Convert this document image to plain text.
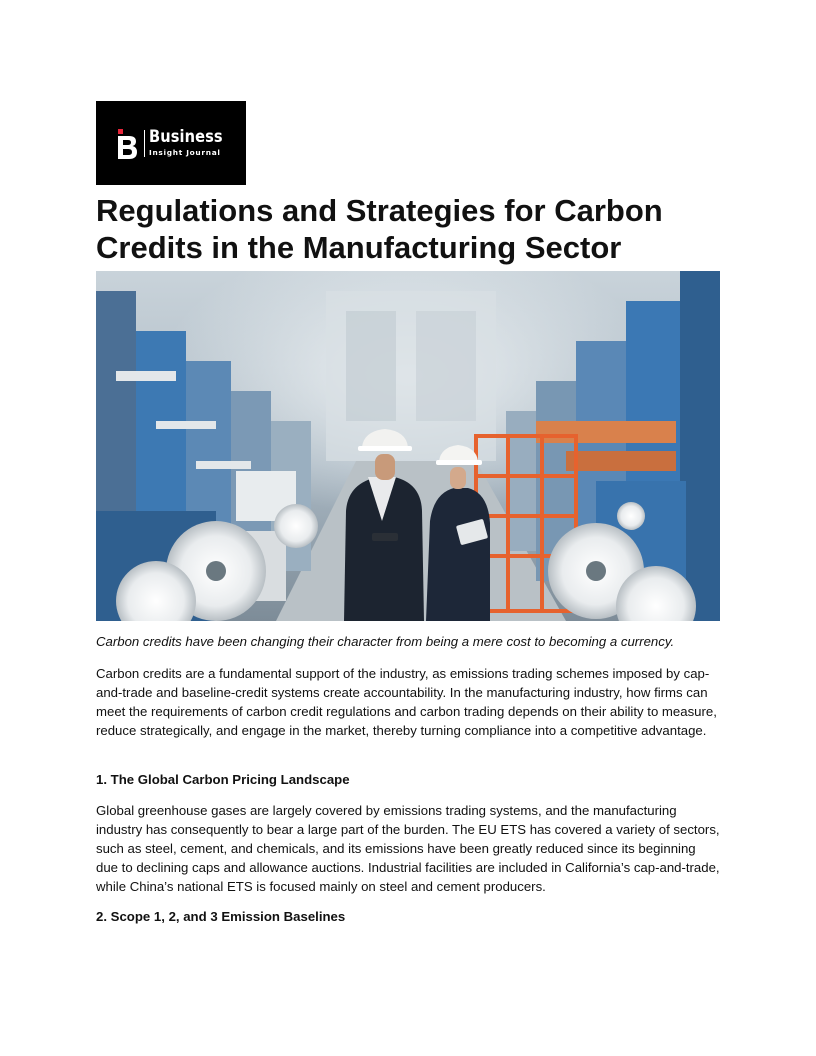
Business
Insight Journal
Regulations and Strategies for Carbon Credits in the Manufacturing Sector
Carbon credits have been changing their character from being a mere cost to becoming a currency.

Carbon credits are a fundamental support of the industry, as emissions trading schemes imposed by cap-and-trade and baseline-credit systems create accountability. In the manufacturing industry, how firms can meet the requirements of carbon credit regulations and carbon trading depends on their ability to measure, reduce strategically, and engage in the market, thereby turning compliance into a competitive advantage.

1. The Global Carbon Pricing Landscape

Global greenhouse gases are largely covered by emissions trading systems, and the manufacturing industry has consequently to bear a large part of the burden. The EU ETS has covered a variety of sectors, such as steel, cement, and chemicals, and its emissions have been greatly reduced since its beginning due to declining caps and allowance auctions. Industrial facilities are included in California’s cap-and-trade, while China’s national ETS is focused mainly on steel and cement producers.

2. Scope 1, 2, and 3 Emission Baselines
